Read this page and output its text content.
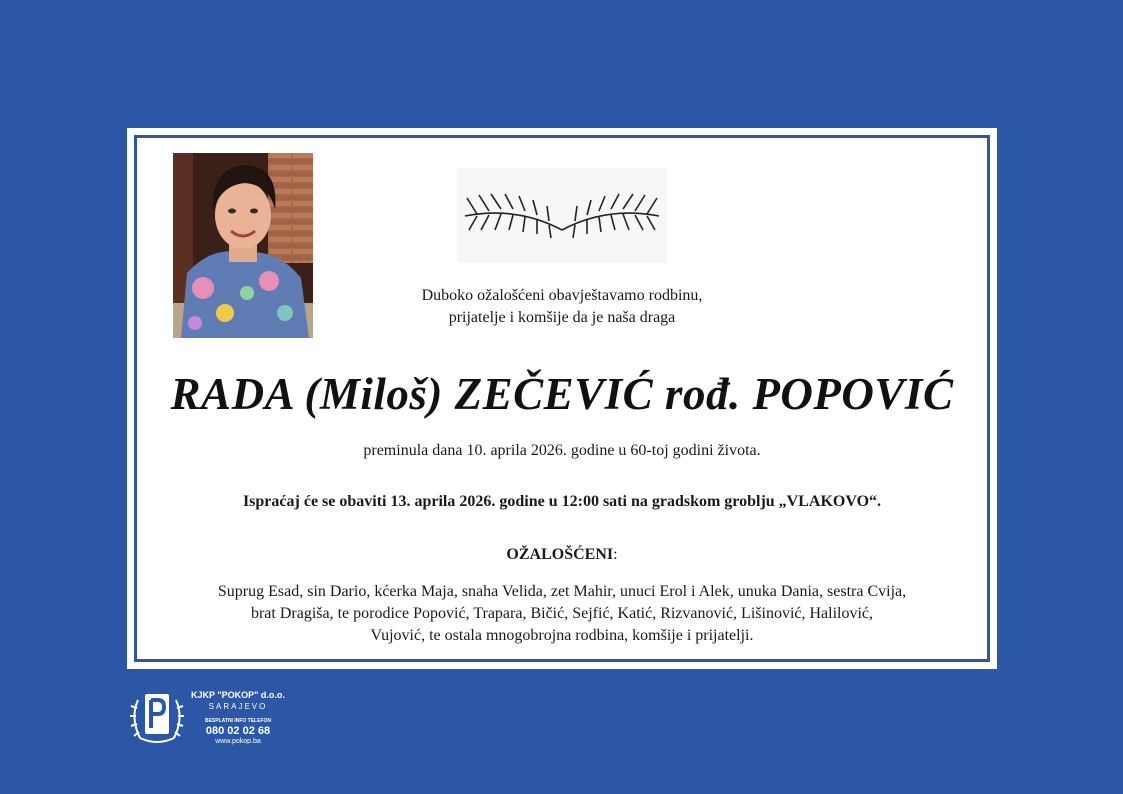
Duboko ožalošćeni obavještavamo rodbinu,
prijatelje i komšije da je naša draga
RADA (Miloš) ZEČEVIĆ rođ. POPOVIĆ
preminula dana 10. aprila 2026. godine u 60-toj godini života.
Ispraćaj će se obaviti 13. aprila 2026. godine u 12:00 sati na gradskom groblju „VLAKOVO“.
OŽALOŠĆENI:
Suprug Esad, sin Dario, kćerka Maja, snaha Velida, zet Mahir, unuci Erol i Alek, unuka Dania, sestra Cvija,
brat Dragiša, te porodice Popović, Trapara, Bičić, Sejfić, Katić, Rizvanović, Lišinović, Halilović,
Vujović, te ostala mnogobrojna rodbina, komšije i prijatelji.
KJKP "POKOP" d.o.o.
SARAJEVO
BESPLATNI INFO TELEFON
080 02 02 68
www.pokop.ba
